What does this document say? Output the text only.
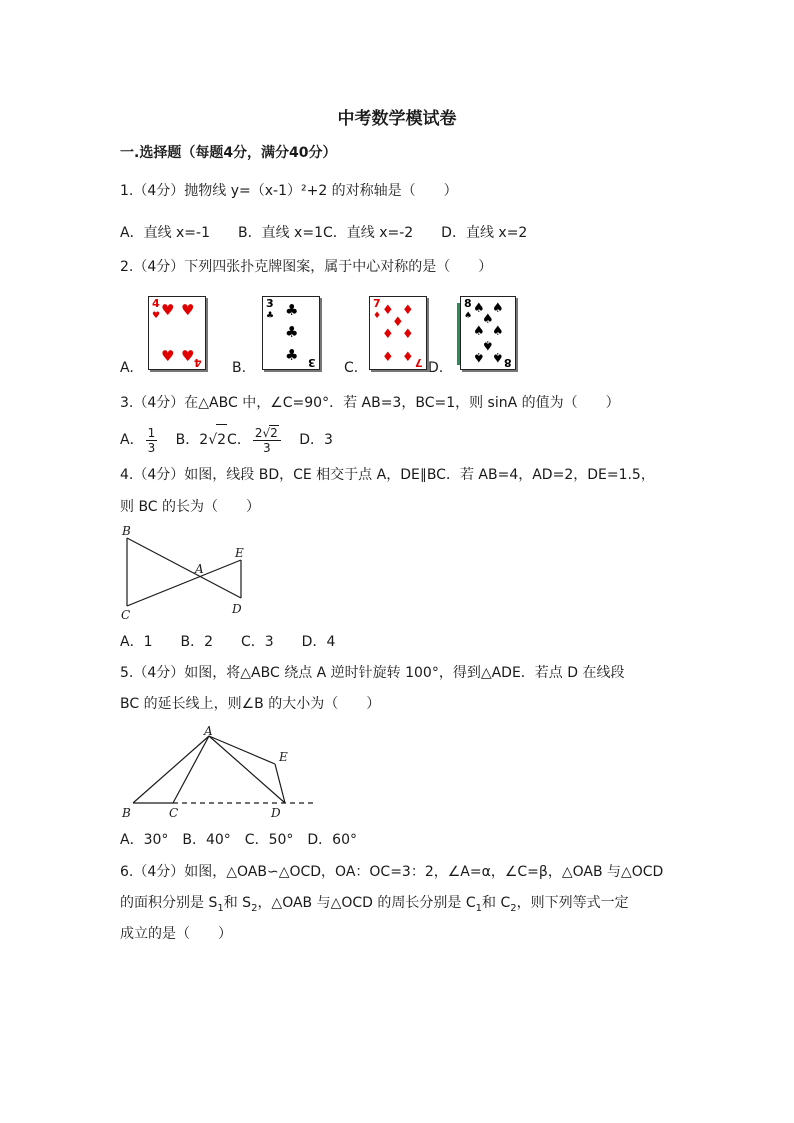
中考数学模试卷
一.选择题（每题4分，满分40分）
1.（4分）抛物线 y=（x-1）²+2 的对称轴是（　　）
A．直线 x=-1　　B．直线 x=1C．直线 x=-2　　D．直线 x=2
2.（4分）下列四张扑克牌图案，属于中心对称的是（　　）
4
♥ ♥ ♥
♥ ♥ 4
3
♣ ♣
♣
♣ 3
7
♦ ♦ ♦
♦
♦ ♦
♦ ♦ 7
8
♠ ♠ ♠
♠
♠ ♠
♠
♠ ♠ 8
A.	B.	C.	D.
3.（4分）在△ABC 中，∠C=90°．若 AB=3，BC=1，则 sinA 的值为（　　）
A． $\frac{1}{3}$ B．2√2C． $\frac{2√2}{3}$ D．3
4.（4分）如图，线段 BD，CE 相交于点 A，DE∥BC．若 AB=4，AD=2，DE=1.5，
则 BC 的长为（　　）
B
E
A
C	D
A．1　　B．2　　C．3　　D．4
5.（4分）如图，将△ABC 绕点 A 逆时针旋转 100°，得到△ADE．若点 D 在线段
BC 的延长线上，则∠B 的大小为（　　）
A
E
B	C	D
A．30°　B．40°　C．50°　D．60°
6.（4分）如图，△OAB∽△OCD，OA：OC=3：2，∠A=α，∠C=β，△OAB 与△OCD
的面积分别是 $S_1$和 $S_2$，△OAB 与△OCD 的周长分别是 $C_1$和 $C_2$，则下列等式一定
成立的是（　　）
